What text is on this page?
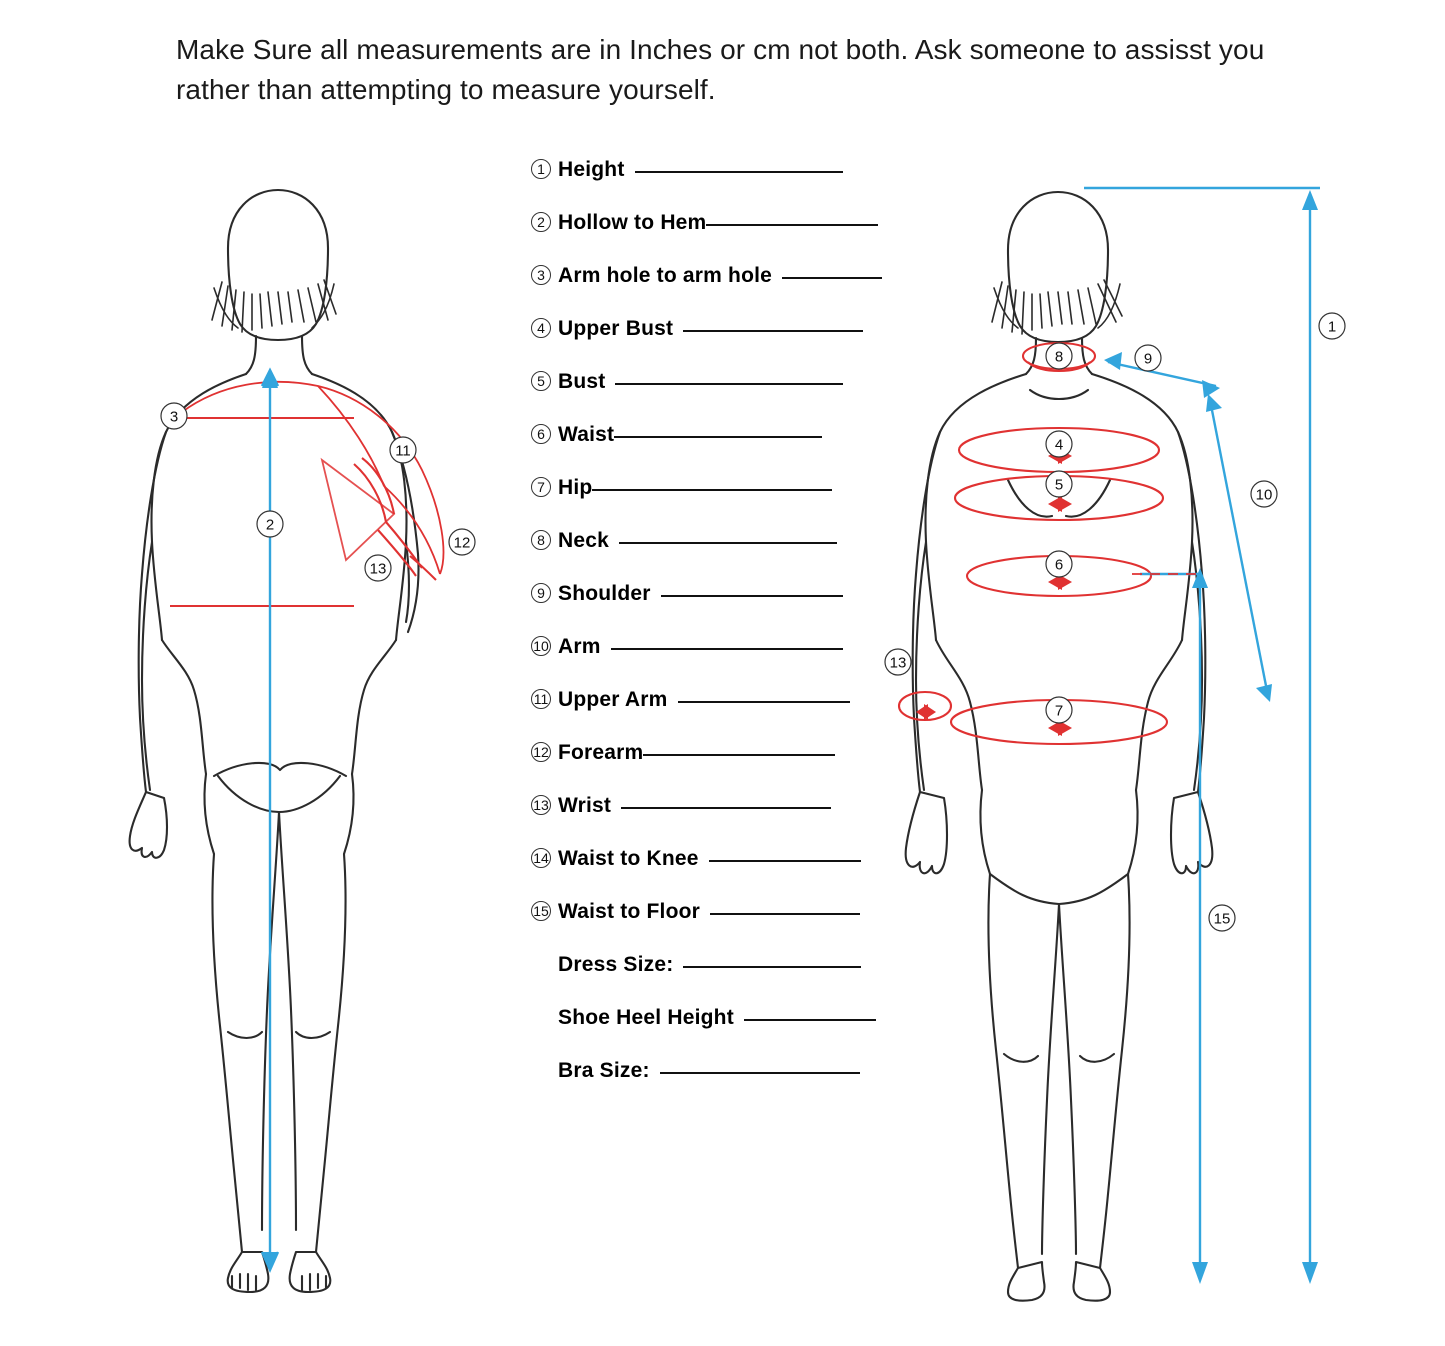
Make Sure all measurements are in Inches or cm not both. Ask someone to assisst you rather than attempting to measure yourself.
1 Height
2 Hollow to Hem
3 Arm hole to arm hole
4 Upper Bust
5 Bust
6 Waist
7 Hip
8 Neck
9 Shoulder
10 Arm
11 Upper Arm
12 Forearm
13 Wrist
14 Waist to Knee
15 Waist to Floor
Dress Size:
Shoe Heel Height
Bra Size:
3
2
11
12
13
1
8	9
4
5
10
6
13
7
15
